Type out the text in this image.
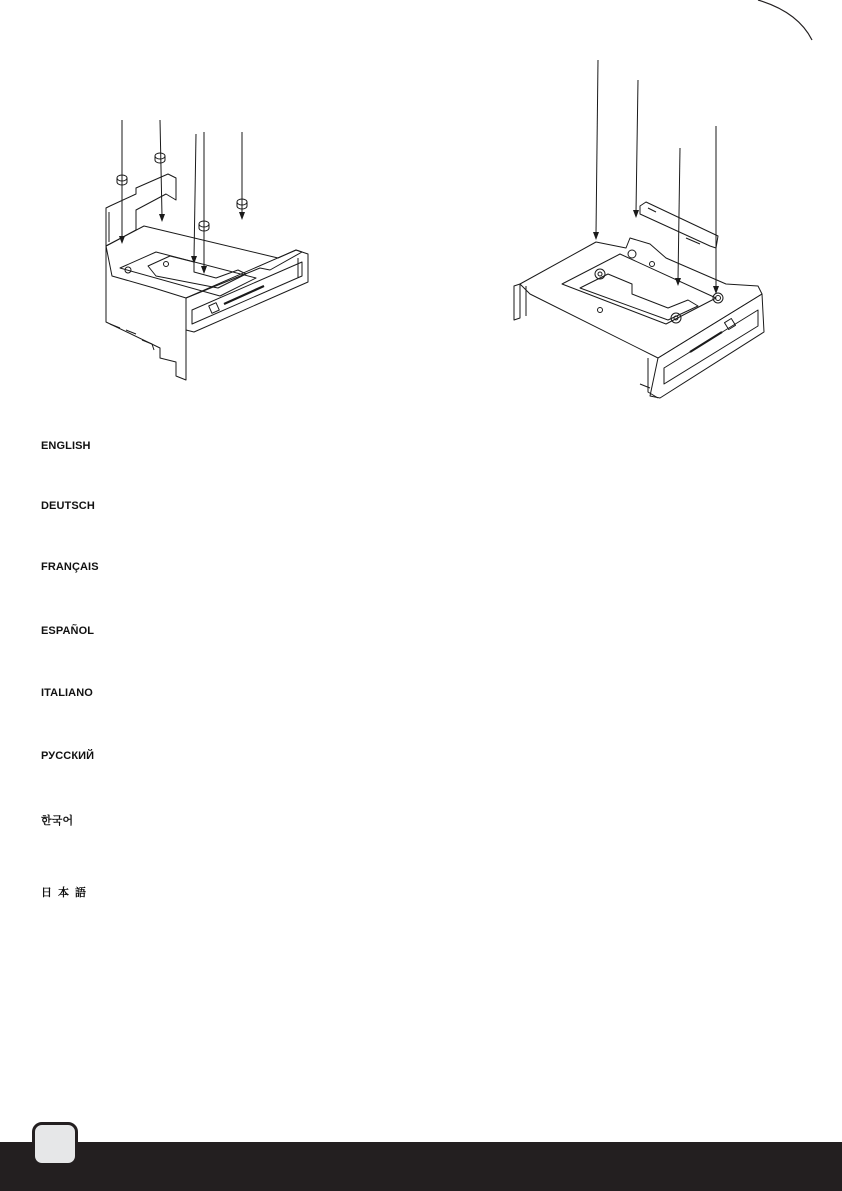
ENGLISH
DEUTSCH
FRANÇAIS
ESPAÑOL
ITALIANO
РУССКИЙ
한국어
日本語
